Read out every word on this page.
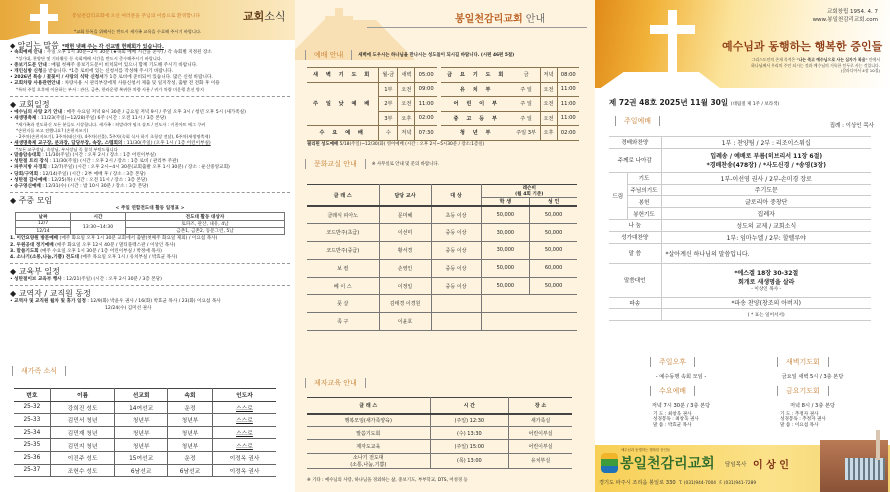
봉일천감리교회에 오신 여러분을 주님의 이름으로 환영합니다	교회소식
*교회 등록을 위해서는 반드시 새가족 교육을 수료해 주시기 바랍니다.
◆ 알리는 말씀 *매현 넷째 주는 각 선교별 헌례회가 있습니다.
• 속회예배 안내 : 주일 오후 1시 30분~2시 30분 (★속회 예배 시간을 준수) / 각 속회별 지정된 장소
*성가대, 찬양단 및 기타활동 등 속회예배 시간을 반드시 준수해주시기 바랍니다.
• 중보기도문 안내 : 매월 첫째주 중보기도문이 비치되어 있으니 함께 기도해 주시기 바랍니다.
• 개인심방 신청을 받습니다. *1층 로비에 있는 신청서를 작성해 주시기 바랍니다.
• 2026년 특송 / 꽃꽂이 / 사랑의 식탁 신청서가 1층 로비에 준비되어 있습니다. 많은 신청 바랍니다.
• 교회차량 사용관련안내 : 차량사용 시 관리부장에게 사용신청서 제출 및 일지작성, 출발 전 전화 후 이용
*특히 주일 오후에 이용하는 부서 : 관산, 금촌, 한라운행 복귀한 차량 사용 / 귀가 차량 미운행 혼선 방지
◆ 교회일정
• 예수님의 사랑 2기 안내 : 매주 수요일 저녁 8시 30분 / 금요일 저녁 9시 / 주일 오후 3시 / 청년 오후 5시 (새가족실)
• 새생명축제 : 11/23(주일)~12/28(주일) 6주 (시간 : 오전 11시 / 3층 본당)
*새가족과 전도하신 모든 분들도 시상합니다. 새가족 : 히말라야 핑크 솔트 / 전도자 : 키친아트 에그 쿠커
*손편지를 쓰고 전했나요? (손편지쓰기)
- 2주차(손편지쓰기), 3주차(태신자), 4주차(선물), 5주차(속회 식사 하기 초청장 전달), 6주차(새생명축제)
• 새생명축제 교구장, 분과장, 담당부장, 속장, 스텝회의 : 11/30(주일) (오후 1시 / 1층 어린이부실)
*모든 교구장님, 속장님, 부서장님 꼭 참석 부탁드립니다
• 말씀암송대회 : 11/30(주일) (시간 : 오후 2시 / 장소 : 1층 어린이부실)
• 성탄절 트리 장식 : 11/30(주일) (시간 : 오후 2시 / 장소 : 1층 로비 / 관리부 주관)
• 파주지방 사경회 : 12/7(주일) (시간 : 오후 2시~4시 30분(교회출발 오후 1시 30분) / 장소 : 운산중앙교회)
• 당회/구역회 : 12/14(주일) (시간 : 2부 예배 후 / 장소 : 3층 본당)
• 성탄절 감사예배 : 12/25(목) (시간 : 오전 11시 / 장소 : 3층 본당)
• 송구영신예배 : 12/31(수) (시간 : 밤 10시 30분 / 장소 : 3층 본당)
◆ 주중 모임
< 주일 연합전도대 활동 일정표 >
날짜	시간	전도대 활동 대상자
12/7	13:30~14:30	토파즈, 관산, 내유, 4남
12/14		금촌1, 금촌2, 동문그린, 5남
1. 이안요양원 방문예배 (매주 화요일 오후 1시 30분 교회에서 출발(첫째주 화요일 제외) / 이요섭 목사)
2. 두원공대 정기예배 (매주 화요일 오후 12시 40분 / 멀티플렉스관 / 이상인 목사)
3. 말씀기도회 (매주 수요일 오후 1시 30분 / 1층 어린이부실 / 박정애 목사)
4. 소나기(소통,나눔,기쁨) 전도대 (매주 목요일 오후 1시 / 유치부실 / 박효균 목사)
◆ 교육부 일정
• 성탄절이브 교육부 행사 : 12/21(주일) (시간 : 오후 2시 30분 / 3층 본당)
◆ 교역자 / 교직원 동정
• 교역자 및 교직원 월차 및 휴가 일정 : 12/9(화) 박윤우 권사 / 16(화) 박효균 목사 / 23(화) 이요섭 목사
12/24(수) 김미선 권사
새가족 소식
번호	이름	선교회	속회	인도자
25-32	강희진 성도	14여선교	운정	스스로
25-33	김민서 청년	청년부	청년부	스스로
25-34	김민재 청년	청년부	청년부	스스로
25-35	김민지 청년	청년부	청년부	스스로
25-36	이진주 성도	15여선교	운정	이정옥 권사
25-37	조헌수 성도	6남선교	6남선교	이정옥 권사
봉일천감리교회 안내
예배 안내	새벽에 도우시는 하나님을 만나시는 성도들이 되시길 바랍니다. (시편 46편 5절)
새 벽 기 도 회	월-금	새벽	05:00	금 요 기 도 회	금	저녁	08:00
주 일 낮 예 배	1부	오전	09:00	유 치 부	주 일	오전	11:00
	2부	오전	11:00	어 린 이 부	주 일	오전	11:00
	3부	오후	02:00	중 고 등 부	주 일	오전	11:00
수 요 예 배	수	저녁	07:30	청 년 부	주일 3부	오후	02:00
필리핀 성도예배 5/18(주일)~12/30(화) 영어예배 (시간 : 오후 2시~5시30분 / 장소:1층실)
문화교실 안내	※ 사무실로 안내 및 문의 바랍니다.
클 래 스	담당 교사	대 상	레슨비
(월 4회 기준)	
			학 생	성 인
클래식 피아노	문미혜	초등 이상	50,000	50,000
코드반주(초급)	이선미	중등 이상	30,000	50,000
코드반주(중급)	황서경	중등 이상	30,000	50,000
보 컬	손영인	중등 이상	50,000	60,000
베 이 스	이정일	중등 이상	50,000	50,000
풋 살	김태경 이경원			
족 구	이윤호			
제자교육 안내
클 래 스	시 간	장 소
행복모임(새가족양육)	(주일) 12:30	새가족실
말씀기도회	(수) 13:30	어린이부실
제자도교육	(주일) 15:00	어린이부실
소나기 전도대
(소통,나눔,기쁨)	(목) 13:00	유치부실
※ 기타 : 예수님의 사랑, 하나님을 경외하는 삶, 중보기도, 부부학교, DTS, 어성경 등
교회창립 1954. 4. 7
www.봉일천감리교회.com
예수님과 동행하는 행복한 증인들
그리스도인의 존재 목적은 "나는 죽고 예수님으로 사는 십자가 복음" 안에서
하나님께서 우리의 주인 되시는 것과 예수님의 거룩한 인두로 사는 것입니다.
(갈라디아서 4장 10절)
제 72권 48호 2025년 11월 30일 (대림절 제 1주 / 보라색)
주일예배
집례 : 이상인 목사
경배와찬양		1부 : 찬양팀 / 2부 : 리조이스워십

주께로 나아감		입례송 / 예배로 부름(히브리서 11장 6절)
*경배찬송(478장) / *사도신경 / *송영(3장)

드림	기도	1부-이선영 권사 / 2부-손미경 장로

	주님의기도	주기도문

	봉헌	글로리아 중창단

	봉헌기도	집례자

나 눔		성도의 교제 / 교회소식

성가대찬양		1부: 임마누엘 / 2부: 할렐루야

말 씀		*살아계신 하나님의 말씀입니다.

말씀대언		*에스겔 18장 30-32절
회개로 새생명을 살라
- 이상인 목사 -

파송		*파송 찬양(창조의 아버지)

		( * 표는 일어서서)
주일오후
- 예수동행 속회 모임 -
새벽기도회
금요일 새벽 5시 / 3층 본당
수요예배
저녁 7시 30분 / 3층 본당
금요기도회
저녁 8시 / 3층 본당
기 도 : 최창욱 권사
성경봉독 : 최창욱 권사
말 씀 : 박효균 목사
기 도 : 추정자 권사
성경봉독 : 추정자 권사
말 씀 : 이요섭 목사
예수님과 동행하는 행복한 증인들
봉일천감리교회 담임목사 이 상 인
경기도 파주시 조리읍 봉일로 330 T. (031)944-7004 F. (031)941-7289
